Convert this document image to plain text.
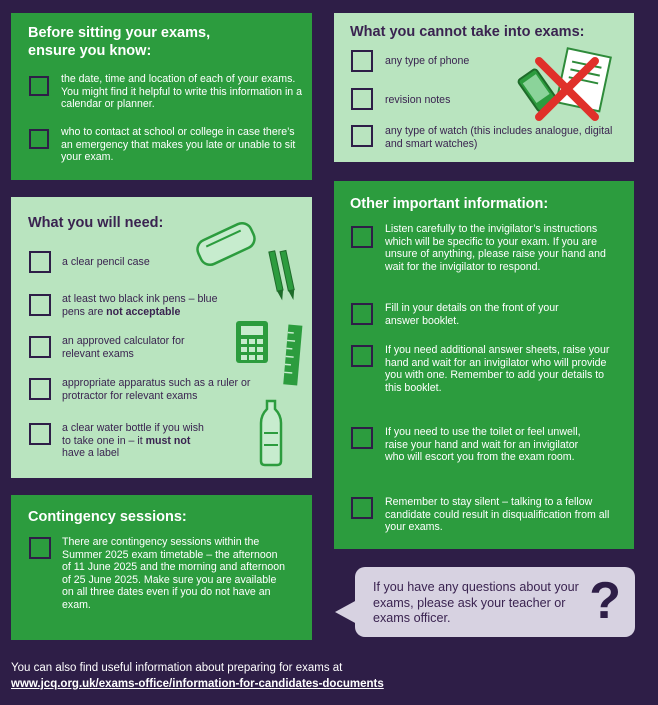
Before sitting your exams,
ensure you know:
the date, time and location of each of your exams. You might find it helpful to write this information in a calendar or planner.
who to contact at school or college in case there’s an emergency that makes you late or unable to sit your exam.
What you cannot take into exams:
any type of phone
revision notes
any type of watch (this includes analogue, digital and smart watches)
What you will need:
a clear pencil case
at least two black ink pens – blue pens are not acceptable
an approved calculator for relevant exams
appropriate apparatus such as a ruler or protractor for relevant exams
a clear water bottle if you wish to take one in – it must not have a label
Other important information:
Listen carefully to the invigilator’s instructions which will be specific to your exam. If you are unsure of anything, please raise your hand and wait for the invigilator to respond.
Fill in your details on the front of your answer booklet.
If you need additional answer sheets, raise your hand and wait for an invigilator who will provide you with one. Remember to add your details to this booklet.
If you need to use the toilet or feel unwell, raise your hand and wait for an invigilator who will escort you from the exam room.
Remember to stay silent – talking to a fellow candidate could result in disqualification from all your exams.
Contingency sessions:
There are contingency sessions within the Summer 2025 exam timetable – the afternoon of 11 June 2025 and the morning and afternoon of 25 June 2025. Make sure you are available on all three dates even if you do not have an exam.
If you have any questions about your exams, please ask your teacher or exams officer.	?
You can also find useful information about preparing for exams at
www.jcq.org.uk/exams-office/information-for-candidates-documents
